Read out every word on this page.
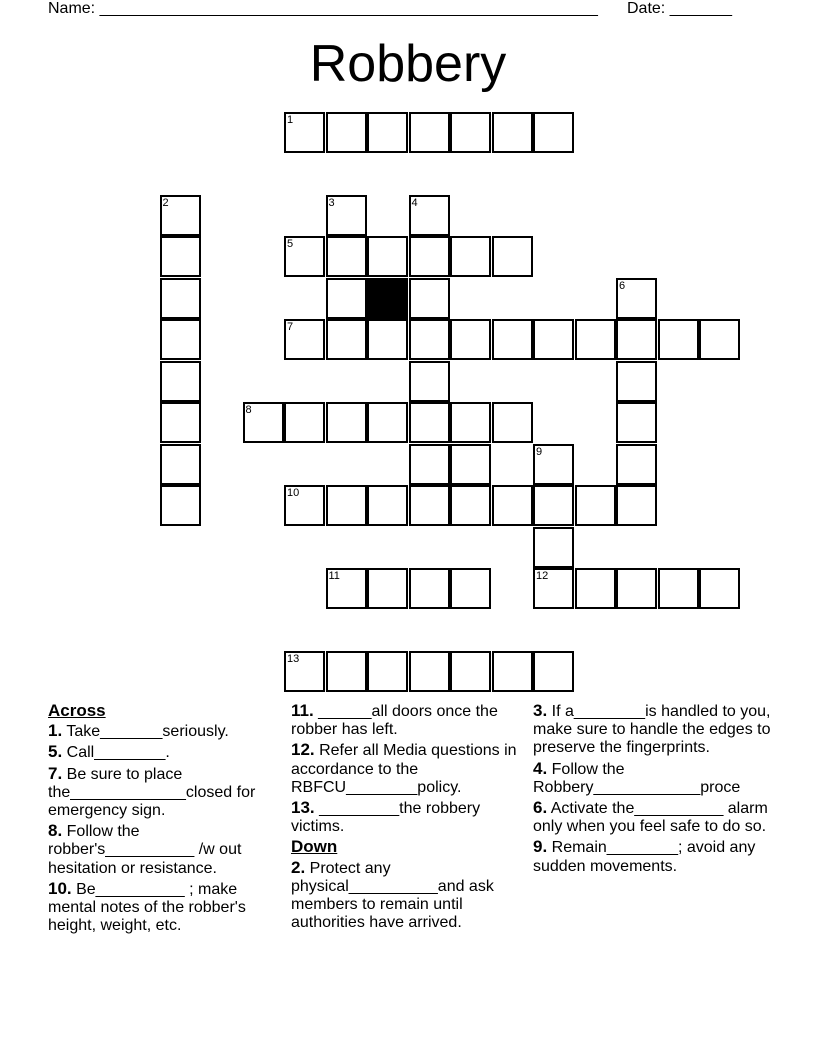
Name: ________________________________________________________ Date: _______
Robbery
1
2	3	4
5
6
7
8
9
10
11	12
13
Across
1. Take_______seriously.
5. Call________.
7. Be sure to place the_____________closed for emergency sign.
8. Follow the robber's__________ /w out hesitation or resistance.
10. Be__________ ; make mental notes of the robber's height, weight, etc.
11. ______all doors once the robber has left.
12. Refer all Media questions in accordance to the RBFCU________policy.
13. _________the robbery victims.
Down
2. Protect any physical__________and ask members to remain until authorities have arrived.
3. If a________is handled to you, make sure to handle the edges to preserve the fingerprints.
4. Follow the Robbery____________proce
6. Activate the__________ alarm only when you feel safe to do so.
9. Remain________; avoid any sudden movements.
